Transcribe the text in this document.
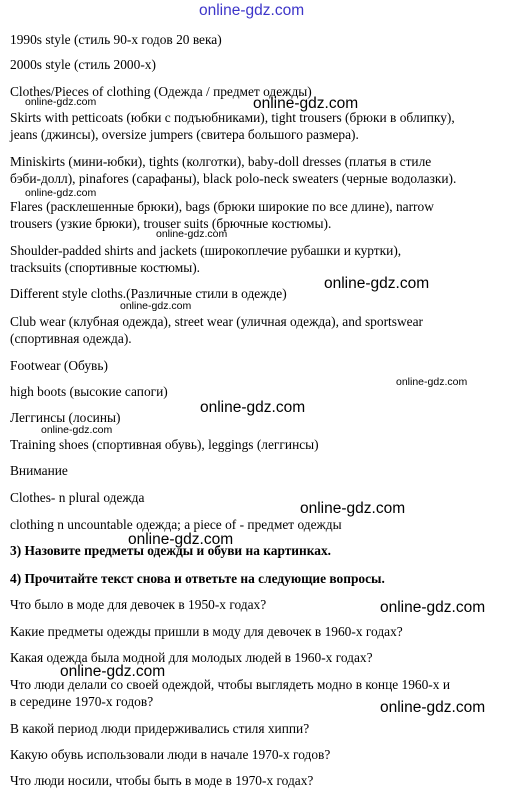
online-gdz.com
1990s style (стиль 90-х годов 20 века)
2000s style (стиль 2000-х)
Clothes/Pieces of clothing (Одежда / предмет одежды)
online-gdz.com	online-gdz.com
Skirts with petticoats (юбки с подъюбниками), tight trousers (брюки в облипку),
jeans (джинсы), oversize jumpers (свитера большого размера).
Miniskirts (мини-юбки), tights (колготки), baby-doll dresses (платья в стиле
бэби-долл), pinafores (сарафаны), black polo-neck sweaters (черные водолазки).
online-gdz.com
Flares (расклешенные брюки), bags (брюки широкие по все длине), narrow
trousers (узкие брюки), trouser suits (брючные костюмы).
online-gdz.com
Shoulder-padded shirts and jackets (широкоплечие рубашки и куртки),
tracksuits (спортивные костюмы).
online-gdz.com
Different style cloths.(Различные стили в одежде)
online-gdz.com
Club wear (клубная одежда), street wear (уличная одежда), and sportswear
(спортивная одежда).
Footwear (Обувь)
online-gdz.com
high boots (высокие сапоги)
online-gdz.com
Леггинсы (лосины)
online-gdz.com
Training shoes (спортивная обувь), leggings (леггинсы)
Внимание
Clothes- n plural одежда
online-gdz.com
clothing n uncountable одежда; a piece of - предмет одежды
online-gdz.com
3) Назовите предметы одежды и обуви на картинках.
4) Прочитайте текст снова и ответьте на следующие вопросы.
Что было в моде для девочек в 1950-х годах?	online-gdz.com
Какие предметы одежды пришли в моду для девочек в 1960-х годах?
Какая одежда была модной для молодых людей в 1960-х годах?
online-gdz.com
Что люди делали со своей одеждой, чтобы выглядеть модно в конце 1960-х и
в середине 1970-х годов?	online-gdz.com
В какой период люди придерживались стиля хиппи?
Какую обувь использовали люди в начале 1970-х годов?
Что люди носили, чтобы быть в моде в 1970-х годах?
